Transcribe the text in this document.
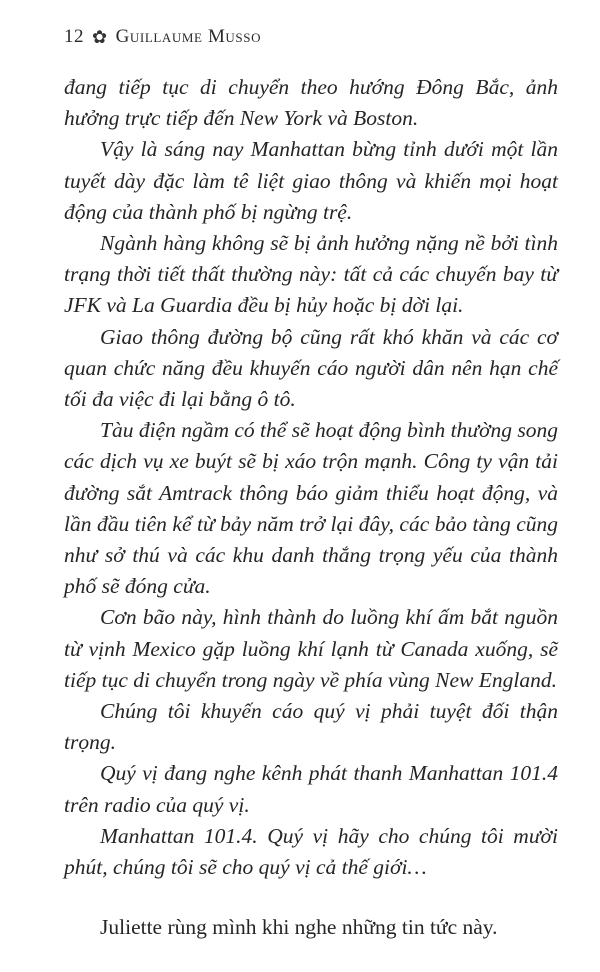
12 ✿ Guillaume Musso

đang tiếp tục di chuyển theo hướng Đông Bắc, ảnh hưởng trực tiếp đến New York và Boston.

Vậy là sáng nay Manhattan bừng tỉnh dưới một lần tuyết dày đặc làm tê liệt giao thông và khiến mọi hoạt động của thành phố bị ngừng trệ.

Ngành hàng không sẽ bị ảnh hưởng nặng nề bởi tình trạng thời tiết thất thường này: tất cả các chuyến bay từ JFK và La Guardia đều bị hủy hoặc bị dời lại.

Giao thông đường bộ cũng rất khó khăn và các cơ quan chức năng đều khuyến cáo người dân nên hạn chế tối đa việc đi lại bằng ô tô.

Tàu điện ngầm có thể sẽ hoạt động bình thường song các dịch vụ xe buýt sẽ bị xáo trộn mạnh. Công ty vận tải đường sắt Amtrack thông báo giảm thiểu hoạt động, và lần đầu tiên kể từ bảy năm trở lại đây, các bảo tàng cũng như sở thú và các khu danh thắng trọng yếu của thành phố sẽ đóng cửa.

Cơn bão này, hình thành do luồng khí ấm bắt nguồn từ vịnh Mexico gặp luồng khí lạnh từ Canada xuống, sẽ tiếp tục di chuyển trong ngày về phía vùng New England.

Chúng tôi khuyến cáo quý vị phải tuyệt đối thận trọng.

Quý vị đang nghe kênh phát thanh Manhattan 101.4 trên radio của quý vị.

Manhattan 101.4. Quý vị hãy cho chúng tôi mười phút, chúng tôi sẽ cho quý vị cả thế giới…

Juliette rùng mình khi nghe những tin tức này.
